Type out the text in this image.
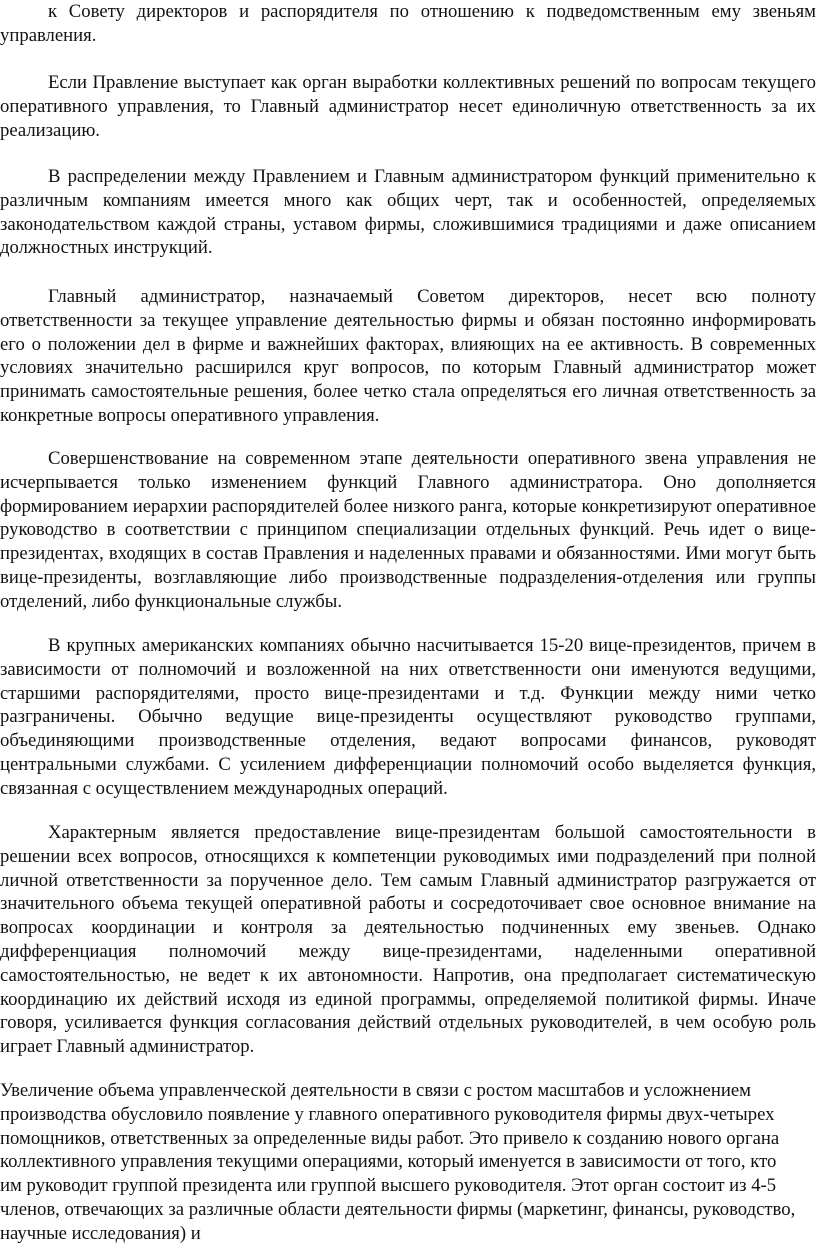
к Совету директоров и распорядителя по отношению к подведомственным ему звеньям управления.

Если Правление выступает как орган выработки коллективных решений по вопросам текущего оперативного управления, то Главный администратор несет единоличную ответственность за их реализацию.

В распределении между Правлением и Главным администратором функций применительно к различным компаниям имеется много как общих черт, так и особенностей, определяемых законодательством каждой страны, уставом фирмы, сложившимися традициями и даже описанием должностных инструкций.

Главный администратор, назначаемый Советом директоров, несет всю полноту ответственности за текущее управление деятельностью фирмы и обязан постоянно информировать его о положении дел в фирме и важнейших факторах, влияющих на ее активность. В современных условиях значительно расширился круг вопросов, по которым Главный администратор может принимать самостоятельные решения, более четко стала определяться его личная ответственность за конкретные вопросы оперативного управления.

Совершенствование на современном этапе деятельности оперативного звена управления не исчерпывается только изменением функций Главного администратора. Оно дополняется формированием иерархии распорядителей более низкого ранга, которые конкретизируют оперативное руководство в соответствии с принципом специализации отдельных функций. Речь идет о вице-президентах, входящих в состав Правления и наделенных правами и обязанностями. Ими могут быть вице-президенты, возглавляющие либо производственные подразделения-отделения или группы отделений, либо функциональные службы.

В крупных американских компаниях обычно насчитывается 15-20 вице-президентов, причем в зависимости от полномочий и возложенной на них ответственности они именуются ведущими, старшими распорядителями, просто вице-президентами и т.д. Функции между ними четко разграничены. Обычно ведущие вице-президенты осуществляют руководство группами, объединяющими производственные отделения, ведают вопросами финансов, руководят центральными службами. С усилением дифференциации полномочий особо выделяется функция, связанная с осуществлением международных операций.

Характерным является предоставление вице-президентам большой самостоятельности в решении всех вопросов, относящихся к компетенции руководимых ими подразделений при полной личной ответственности за порученное дело. Тем самым Главный администратор разгружается от значительного объема текущей оперативной работы и сосредоточивает свое основное внимание на вопросах координации и контроля за деятельностью подчиненных ему звеньев. Однако дифференциация полномочий между вице-президентами, наделенными оперативной самостоятельностью, не ведет к их автономности. Напротив, она предполагает систематическую координацию их действий исходя из единой программы, определяемой политикой фирмы. Иначе говоря, усиливается функция согласования действий отдельных руководителей, в чем особую роль играет Главный администратор.

Увеличение объема управленческой деятельности в связи с ростом масштабов и усложнением производства обусловило появление у главного оперативного руководителя фирмы двух-четырех помощников, ответственных за определенные виды работ. Это привело к созданию нового органа коллективного управления текущими операциями, который именуется в зависимости от того, кто им руководит группой президента или группой высшего руководителя. Этот орган состоит из 4-5 членов, отвечающих за различные области деятельности фирмы (маркетинг, финансы, руководство, научные исследования) и
